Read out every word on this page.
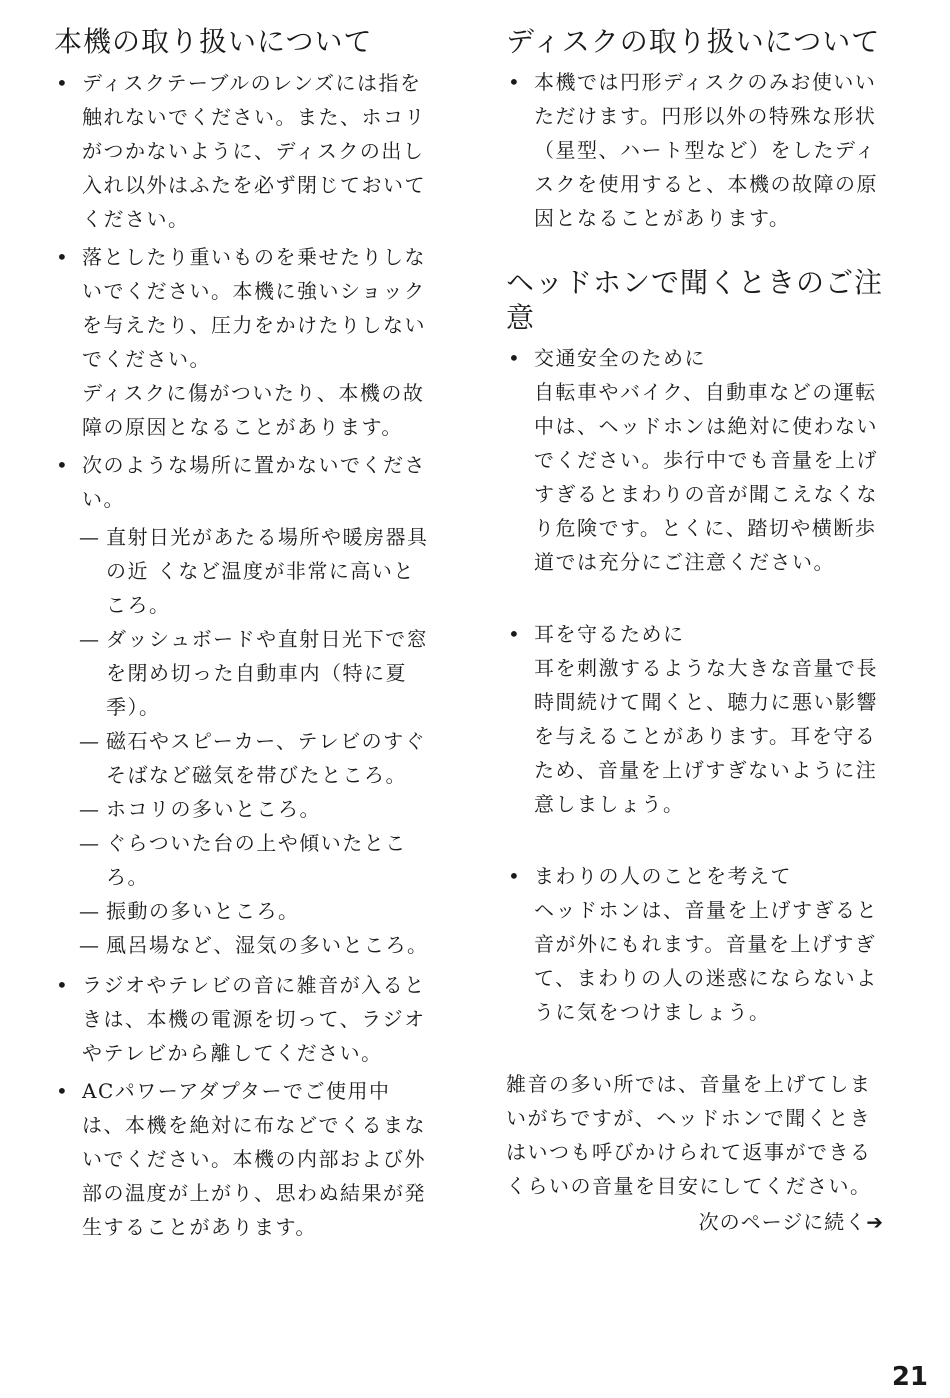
本機の取り扱いについて
• ディスクテーブルのレンズには指を触れないでください。また、ホコリがつかないように、ディスクの出し入れ以外はふたを必ず閉じておいてください。

• 落としたり重いものを乗せたりしないでください。本機に強いショックを与えたり、圧力をかけたりしないでください。

ディスクに傷がついたり、本機の故障の原因となることがあります。

• 次のような場所に置かないでください。

— 直射日光があたる場所や暖房器具の近 くなど温度が非常に高いところ。

— ダッシュボードや直射日光下で窓を閉め切った自動車内（特に夏季）。

— 磁石やスピーカー、テレビのすぐそばなど磁気を帯びたところ。

— ホコリの多いところ。

— ぐらついた台の上や傾いたところ。

— 振動の多いところ。

— 風呂場など、湿気の多いところ。

• ラジオやテレビの音に雑音が入るときは、本機の電源を切って、ラジオやテレビから離してください。

• ACパワーアダプターでご使用中は、本機を絶対に布などでくるまないでください。本機の内部および外部の温度が上がり、思わぬ結果が発生することがあります。

ディスクの取り扱いについて
• 本機では円形ディスクのみお使いいただけます。円形以外の特殊な形状（星型、ハート型など）をしたディスクを使用すると、本機の故障の原因となることがあります。

ヘッドホンで聞くときのご注意
• 交通安全のために

自転車やバイク、自動車などの運転中は、ヘッドホンは絶対に使わないでください。歩行中でも音量を上げすぎるとまわりの音が聞こえなくなり危険です。とくに、踏切や横断歩道では充分にご注意ください。

• 耳を守るために

耳を刺激するような大きな音量で長時間続けて聞くと、聴力に悪い影響を与えることがあります。耳を守るため、音量を上げすぎないように注意しましょう。

• まわりの人のことを考えて

ヘッドホンは、音量を上げすぎると音が外にもれます。音量を上げすぎて、まわりの人の迷惑にならないように気をつけましょう。

雑音の多い所では、音量を上げてしまいがちですが、ヘッドホンで聞くときはいつも呼びかけられて返事ができるくらいの音量を目安にしてください。

次のページに続く➔

21
